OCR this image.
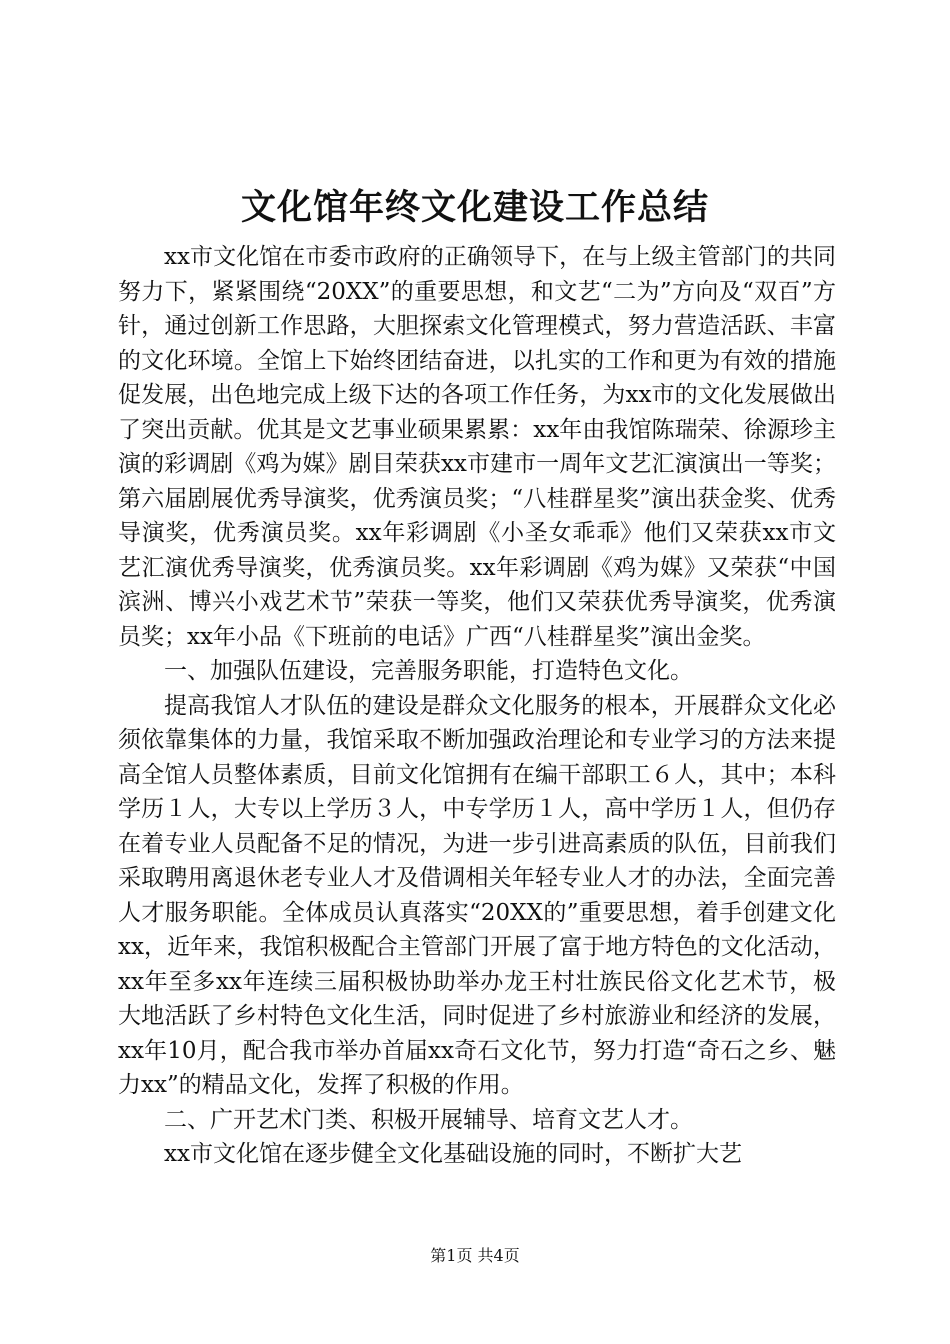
文化馆年终文化建设工作总结

xx市文化馆在市委市政府的正确领导下，在与上级主管部门的共同努力下，紧紧围绕“20XX”的重要思想，和文艺“二为”方向及“双百”方针，通过创新工作思路，大胆探索文化管理模式，努力营造活跃、丰富的文化环境。全馆上下始终团结奋进，以扎实的工作和更为有效的措施促发展，出色地完成上级下达的各项工作任务，为xx市的文化发展做出了突出贡献。优其是文艺事业硕果累累：xx年由我馆陈瑞荣、徐源珍主演的彩调剧《鸡为媒》剧目荣获xx市建市一周年文艺汇演演出一等奖；第六届剧展优秀导演奖，优秀演员奖；“八桂群星奖”演出获金奖、优秀导演奖，优秀演员奖。xx年彩调剧《小圣女乖乖》他们又荣获xx市文艺汇演优秀导演奖，优秀演员奖。xx年彩调剧《鸡为媒》又荣获“中国滨洲、博兴小戏艺术节”荣获一等奖，他们又荣获优秀导演奖，优秀演员奖；xx年小品《下班前的电话》广西“八桂群星奖”演出金奖。

一、加强队伍建设，完善服务职能，打造特色文化。

提高我馆人才队伍的建设是群众文化服务的根本，开展群众文化必须依靠集体的力量，我馆采取不断加强政治理论和专业学习的方法来提高全馆人员整体素质，目前文化馆拥有在编干部职工６人，其中；本科学历１人，大专以上学历３人，中专学历１人，高中学历１人，但仍存在着专业人员配备不足的情况，为进一步引进高素质的队伍，目前我们采取聘用离退休老专业人才及借调相关年轻专业人才的办法，全面完善人才服务职能。全体成员认真落实“20XX的”重要思想，着手创建文化xx，近年来，我馆积极配合主管部门开展了富于地方特色的文化活动，xx年至多xx年连续三届积极协助举办龙王村壮族民俗文化艺术节，极大地活跃了乡村特色文化生活，同时促进了乡村旅游业和经济的发展，xx年10月，配合我市举办首届xx奇石文化节，努力打造“奇石之乡、魅力xx”的精品文化，发挥了积极的作用。

二、广开艺术门类、积极开展辅导、培育文艺人才。

xx市文化馆在逐步健全文化基础设施的同时，不断扩大艺

第1页 共4页
